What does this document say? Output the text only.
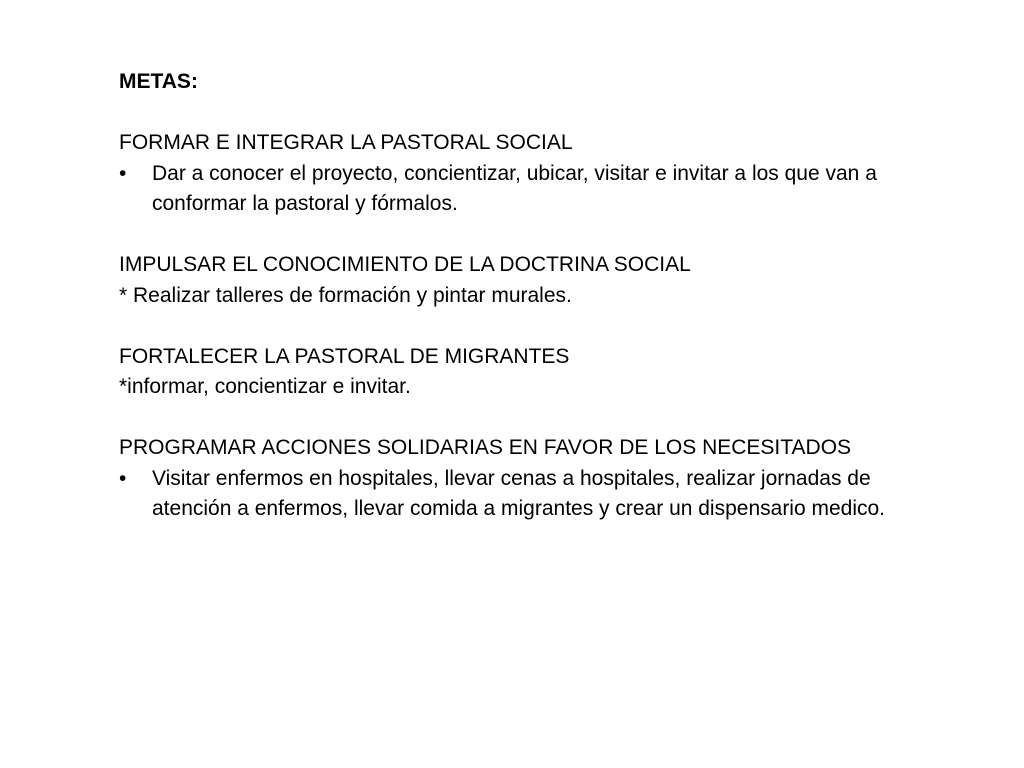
METAS:

FORMAR E INTEGRAR LA PASTORAL SOCIAL

•	Dar a conocer el proyecto, concientizar, ubicar, visitar e invitar a los que van a conformar la pastoral y fórmalos.

IMPULSAR EL CONOCIMIENTO DE LA DOCTRINA SOCIAL

* Realizar talleres de formación y pintar murales.

FORTALECER LA PASTORAL DE MIGRANTES

*informar, concientizar e invitar.

PROGRAMAR ACCIONES SOLIDARIAS EN FAVOR DE LOS NECESITADOS

•	Visitar enfermos en hospitales, llevar cenas a hospitales, realizar jornadas de atención a enfermos, llevar comida a migrantes y crear un dispensario medico.
